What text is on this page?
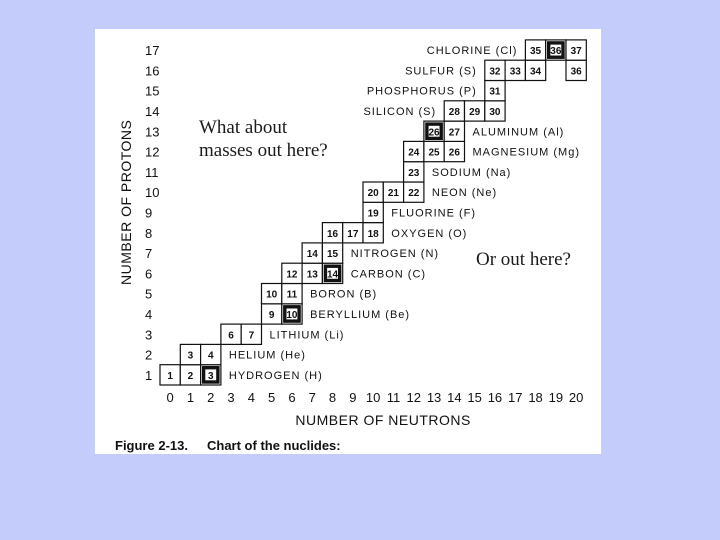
1 2 3
3 4
6 7
9 10
10 11
12 13 14
14 15
16 17 18
19
20 21 22
23
24 25 26
26 27
28 29 30
31
32 33 34	36
35 36 37
1
2
3
4
5
6
7
8
9
10
11
12
13
14
15
16
17
0 1 2 3 4 5 6 7 8 9 10 11 12 13 14 15 16 17 18 19 20
HYDROGEN (H)
HELIUM (He)
LITHIUM (Li)
BERYLLIUM (Be)
BORON (B)
CARBON (C)
NITROGEN (N)
OXYGEN (O)
FLUORINE (F)
NEON (Ne)
SODIUM (Na)
MAGNESIUM (Mg)
ALUMINUM (Al)
SILICON (S)
PHOSPHORUS (P)
SULFUR (S)
CHLORINE (Cl)
NUMBER OF NEUTRONS
NUMBER OF PROTONS
Figure 2-13. Chart of the nuclides:
What about
masses out here?
Or out here?
